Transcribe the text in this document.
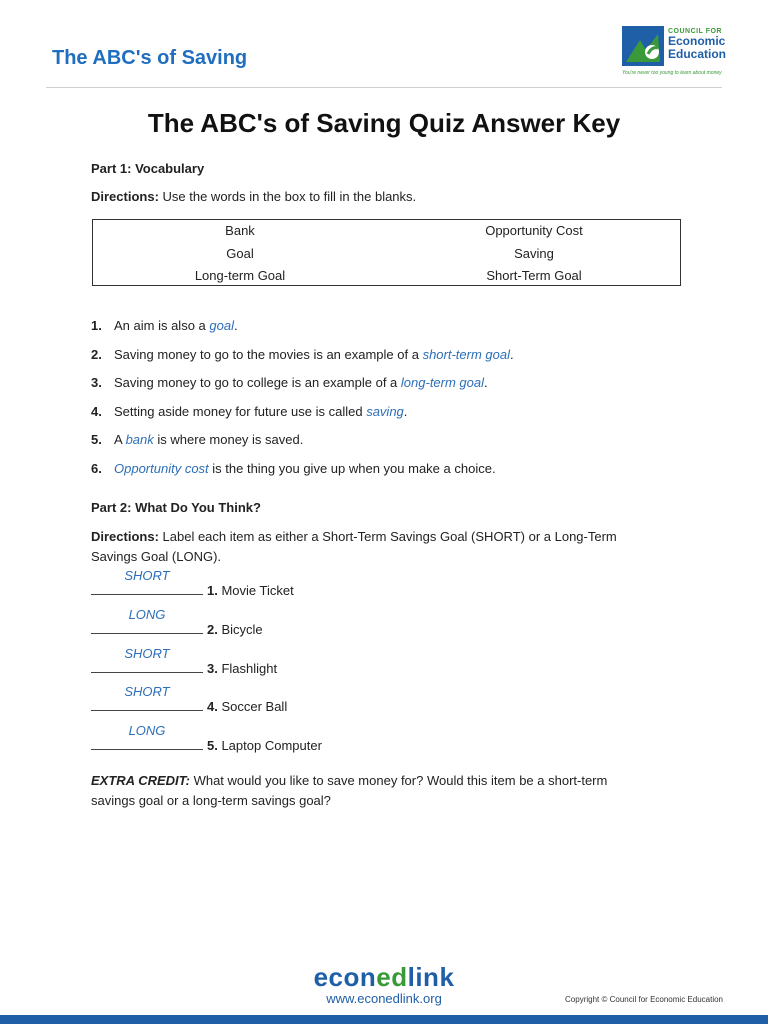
The ABC's of Saving
COUNCIL FOR
Economic
Education
You're never too young to learn about money
The ABC's of Saving Quiz Answer Key
Part 1: Vocabulary
Directions: Use the words in the box to fill in the blanks.
Bank	Opportunity Cost
Goal	Saving
Long-term Goal	Short-Term Goal
1. An aim is also a goal.
2. Saving money to go to the movies is an example of a short-term goal.
3. Saving money to go to college is an example of a long-term goal.
4. Setting aside money for future use is called saving.
5. A bank is where money is saved.
6. Opportunity cost is the thing you give up when you make a choice.
Part 2: What Do You Think?
Directions: Label each item as either a Short-Term Savings Goal (SHORT) or a Long-Term Savings Goal (LONG).
SHORT
1. Movie Ticket
LONG
2. Bicycle
SHORT
3. Flashlight
SHORT
4. Soccer Ball
LONG
5. Laptop Computer
EXTRA CREDIT: What would you like to save money for? Would this item be a short-term savings goal or a long-term savings goal?
econedlink
www.econedlink.org	Copyright © Council for Economic Education
